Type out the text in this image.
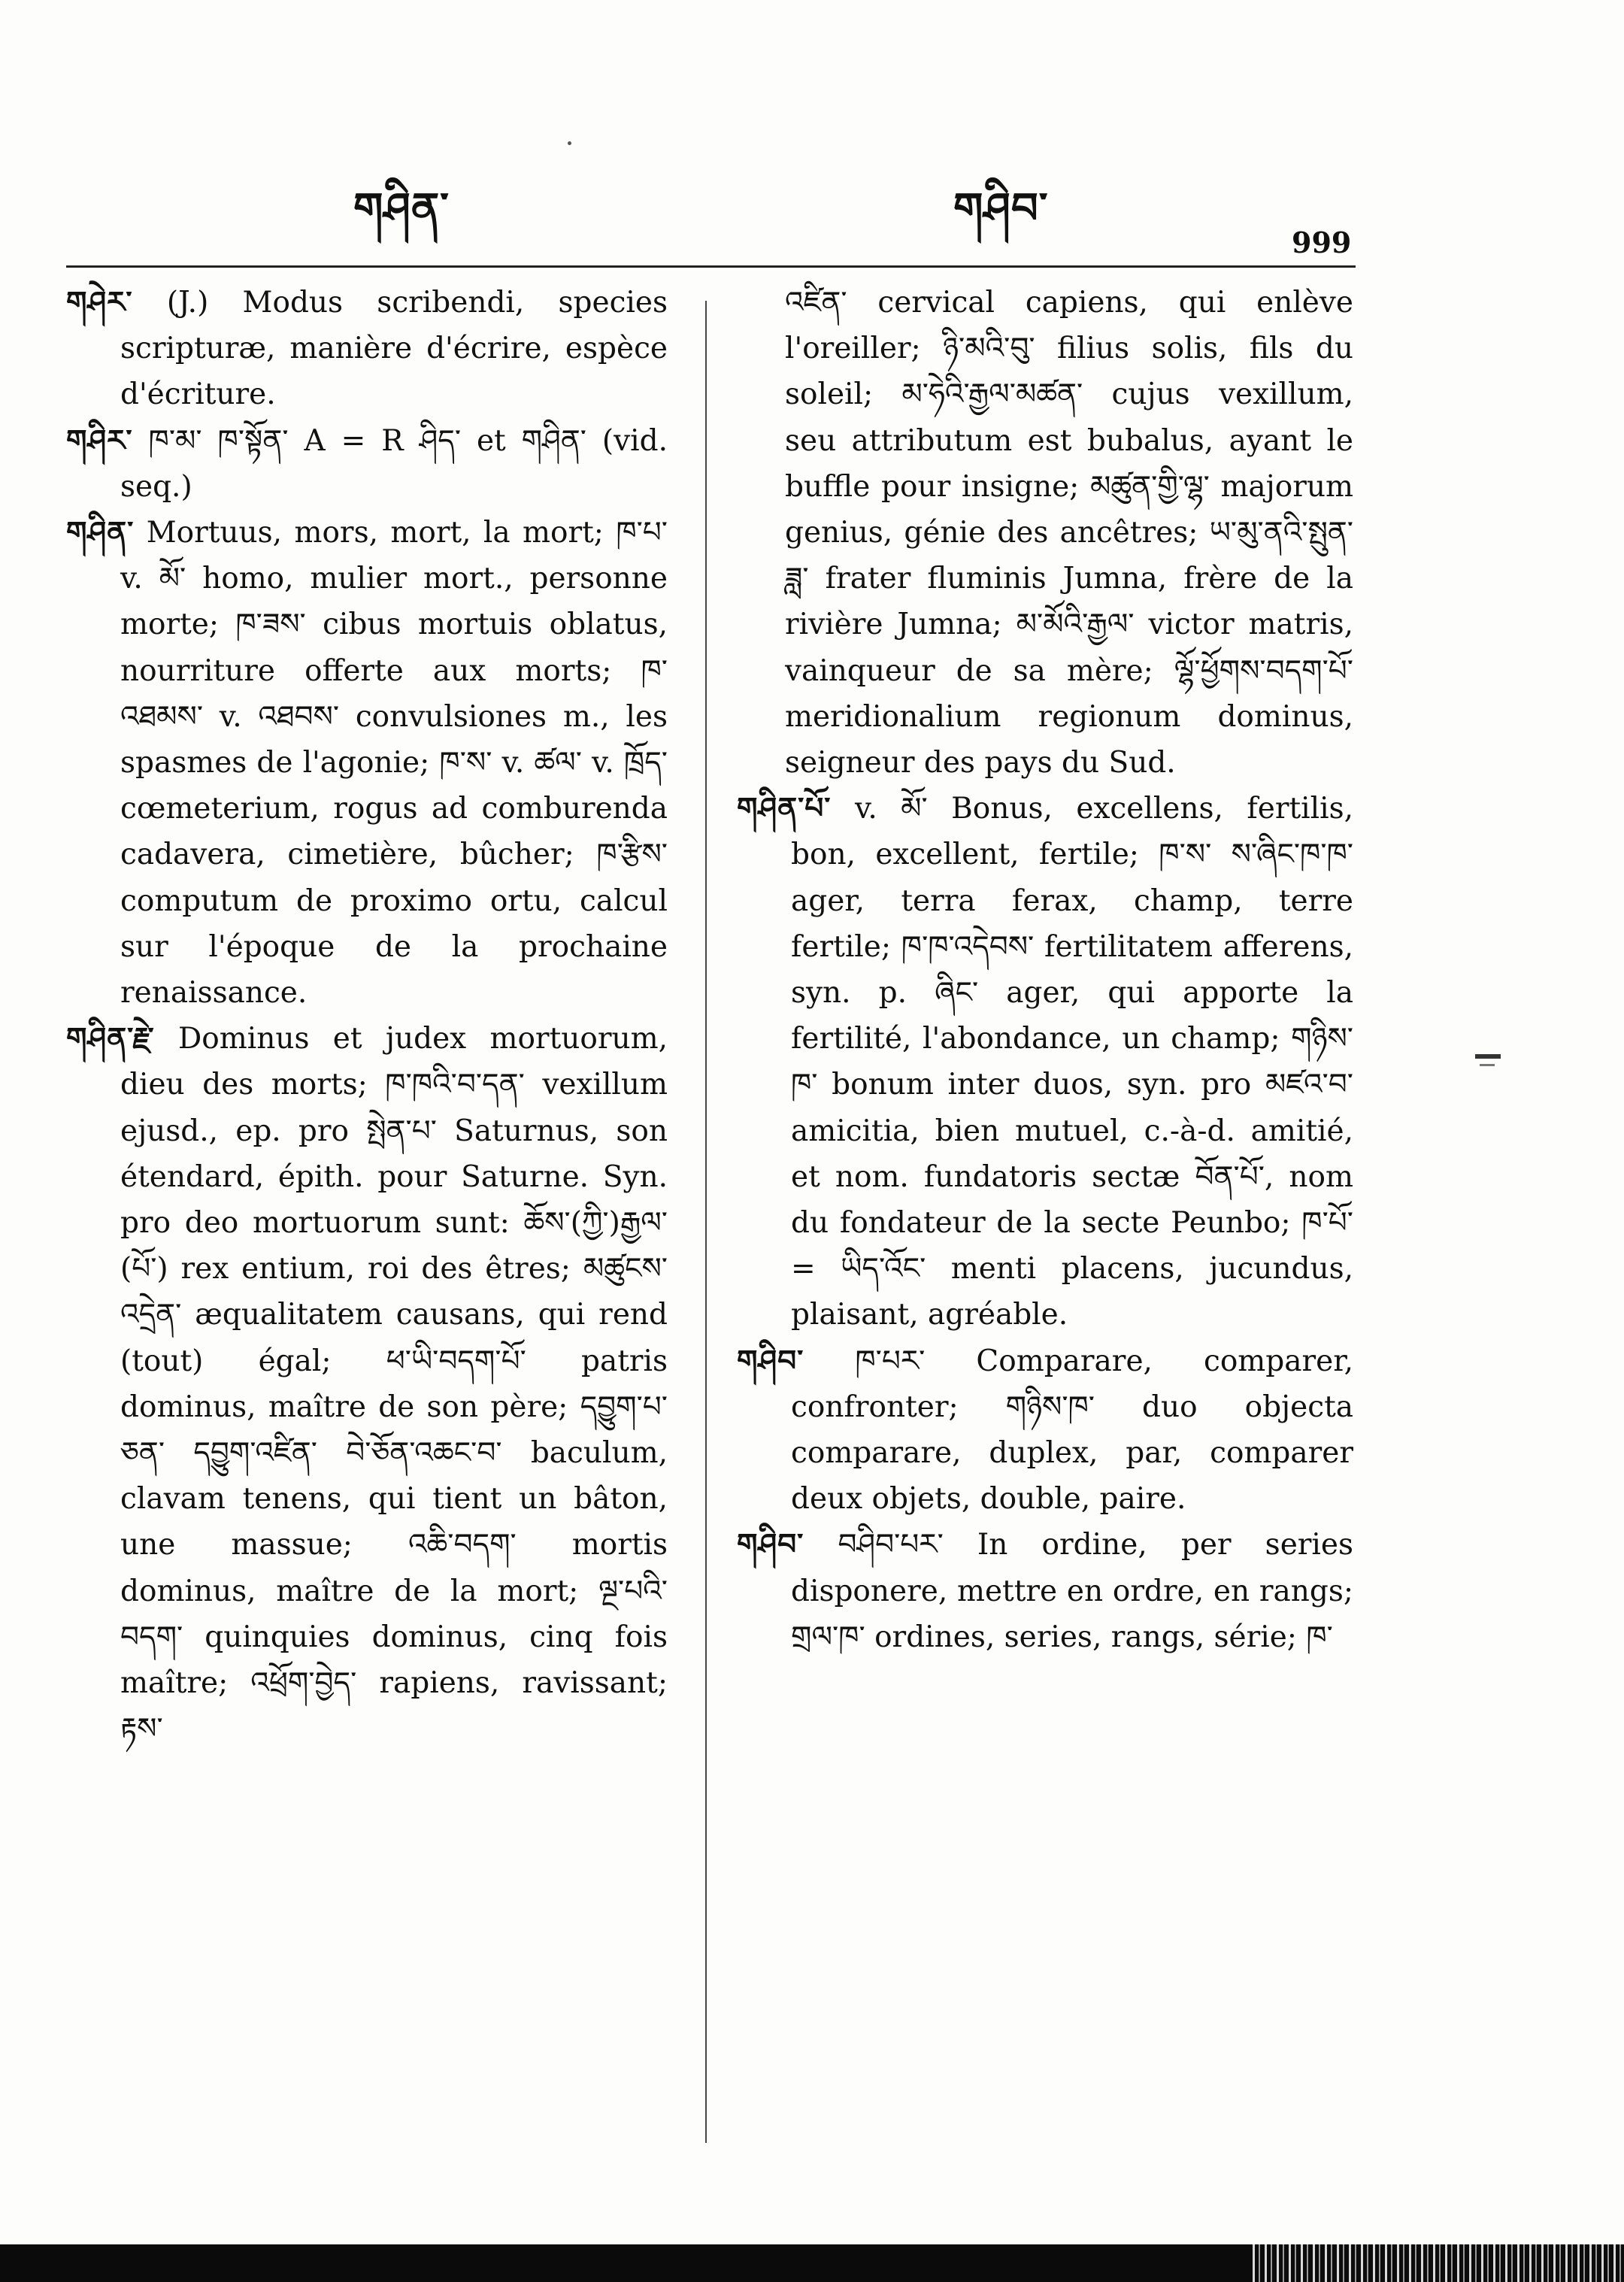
གཤིན་	གཤིབ་
999

གཤེར་ (J.) Modus scribendi, species scripturæ, manière d'écrire, espèce d'écriture.

གཤིར་ ཁ་མ་ ཁ་སྟོན་ A = R ཤིད་ et གཤིན་ (vid. seq.)

གཤིན་ Mortuus, mors, mort, la mort; ཁ་པ་ v. མོ་ homo, mulier mort., personne morte; ཁ་ཟས་ cibus mortuis oblatus, nourriture offerte aux morts; ཁ་འཐམས་ v. འཐབས་ convulsiones m., les spasmes de l'agonie; ཁ་ས་ v. ཚལ་ v. ཁྲོད་ cœmeterium, rogus ad comburenda cadavera, cimetière, bûcher; ཁ་རྩིས་ computum de proximo ortu, calcul sur l'époque de la prochaine renaissance.

གཤིན་རྗེ་ Dominus et judex mortuorum, dieu des morts; ཁ་ཁའི་བ་དན་ vexillum ejusd., ep. pro སྤེན་པ་ Saturnus, son étendard, épith. pour Saturne. Syn. pro deo mortuorum sunt: ཆོས་(ཀྱི་)རྒྱལ་(པོ་) rex entium, roi des êtres; མཚུངས་འདྲེན་ æqualitatem causans, qui rend (tout) égal; ཕ་ཡི་བདག་པོ་ patris dominus, maître de son père; དབྱུག་པ་ཅན་ དབྱུག་འཛིན་ བེ་ཅོན་འཆང་བ་ baculum, clavam tenens, qui tient un bâton, une massue; འཆི་བདག་ mortis dominus, maître de la mort; ལྔ་པའི་བདག་ quinquies dominus, cinq fois maître; འཕྲོག་བྱེད་ rapiens, ravissant; རྟས་

འཛིན་ cervical capiens, qui enlève l'oreiller; ཉི་མའི་བུ་ filius solis, fils du soleil; མ་ཧེའི་རྒྱལ་མཚན་ cujus vexillum, seu attributum est bubalus, ayant le buffle pour insigne; མཚུན་གྱི་ལྷ་ majorum genius, génie des ancêtres; ཡ་མུ་ནའི་སྤུན་ཟླ་ frater fluminis Jumna, frère de la rivière Jumna; མ་མོའི་རྒྱལ་ victor matris, vainqueur de sa mère; ལྷོ་ཕྱོགས་བདག་པོ་ meridionalium regionum dominus, seigneur des pays du Sud.

གཤིན་པོ་ v. མོ་ Bonus, excellens, fertilis, bon, excellent, fertile; ཁ་ས་ ས་ཞིང་ཁ་ཁ་ ager, terra ferax, champ, terre fertile; ཁ་ཁ་འདེབས་ fertilitatem afferens, syn. p. ཞིང་ ager, qui apporte la fertilité, l'abondance, un champ; གཉིས་ཁ་ bonum inter duos, syn. pro མཛའ་བ་ amicitia, bien mutuel, c.-à-d. amitié, et nom. fundatoris sectæ བོན་པོ་, nom du fondateur de la secte Peunbo; ཁ་པོ་ = ཡིད་འོང་ menti placens, jucundus, plaisant, agréable.

གཤིབ་ ཁ་པར་ Comparare, comparer, confronter; གཉིས་ཁ་ duo objecta comparare, duplex, par, comparer deux objets, double, paire.

གཤིབ་ བཤིབ་པར་ In ordine, per series disponere, mettre en ordre, en rangs; གྲལ་ཁ་ ordines, series, rangs, série; ཁ་
